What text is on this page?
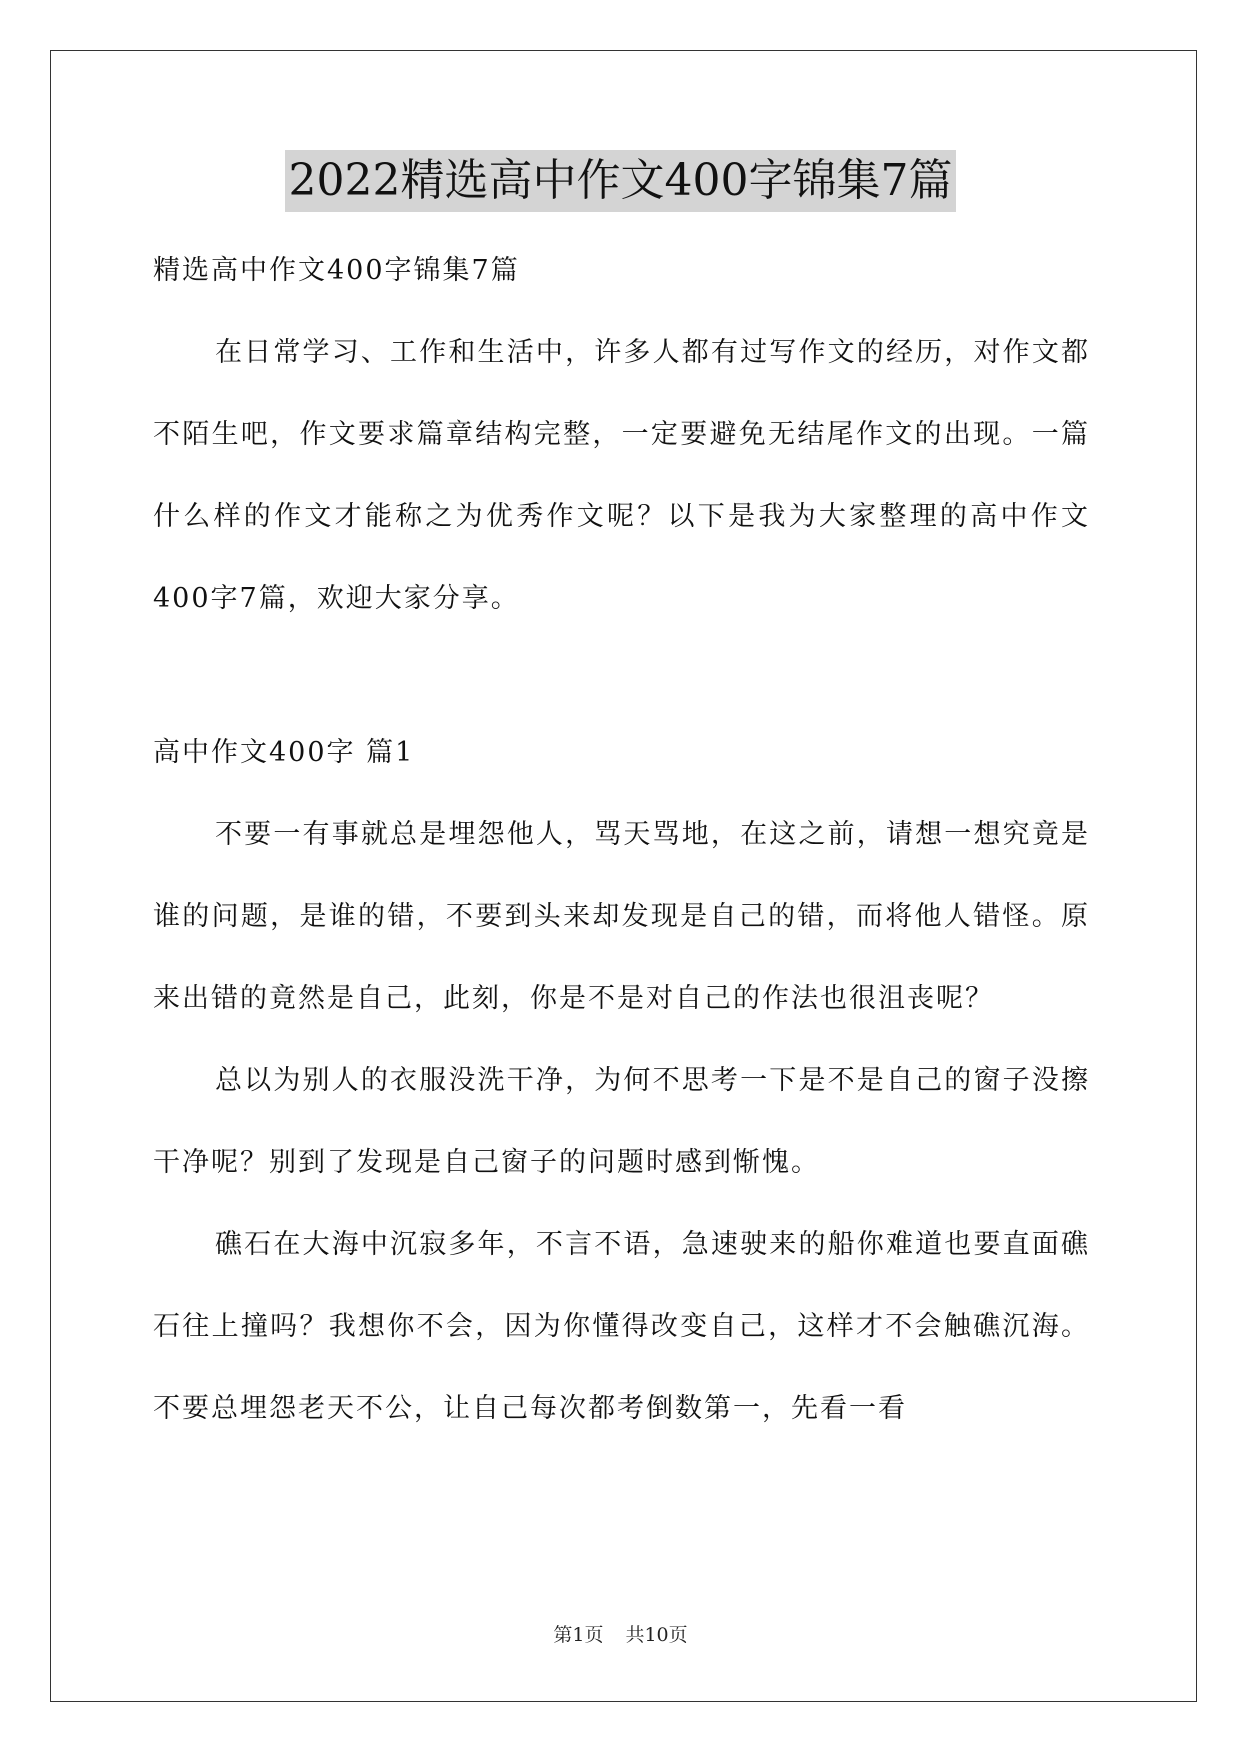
2022精选高中作文400字锦集7篇

精选高中作文400字锦集7篇

在日常学习、工作和生活中，许多人都有过写作文的经历，对作文都不陌生吧，作文要求篇章结构完整，一定要避免无结尾作文的出现。一篇什么样的作文才能称之为优秀作文呢？以下是我为大家整理的高中作文400字7篇，欢迎大家分享。

高中作文400字 篇1

不要一有事就总是埋怨他人，骂天骂地，在这之前，请想一想究竟是谁的问题，是谁的错，不要到头来却发现是自己的错，而将他人错怪。原来出错的竟然是自己，此刻，你是不是对自己的作法也很沮丧呢？

总以为别人的衣服没洗干净，为何不思考一下是不是自己的窗子没擦干净呢？别到了发现是自己窗子的问题时感到惭愧。

礁石在大海中沉寂多年，不言不语，急速驶来的船你难道也要直面礁石往上撞吗？我想你不会，因为你懂得改变自己，这样才不会触礁沉海。不要总埋怨老天不公，让自己每次都考倒数第一，先看一看

第1页 共10页
